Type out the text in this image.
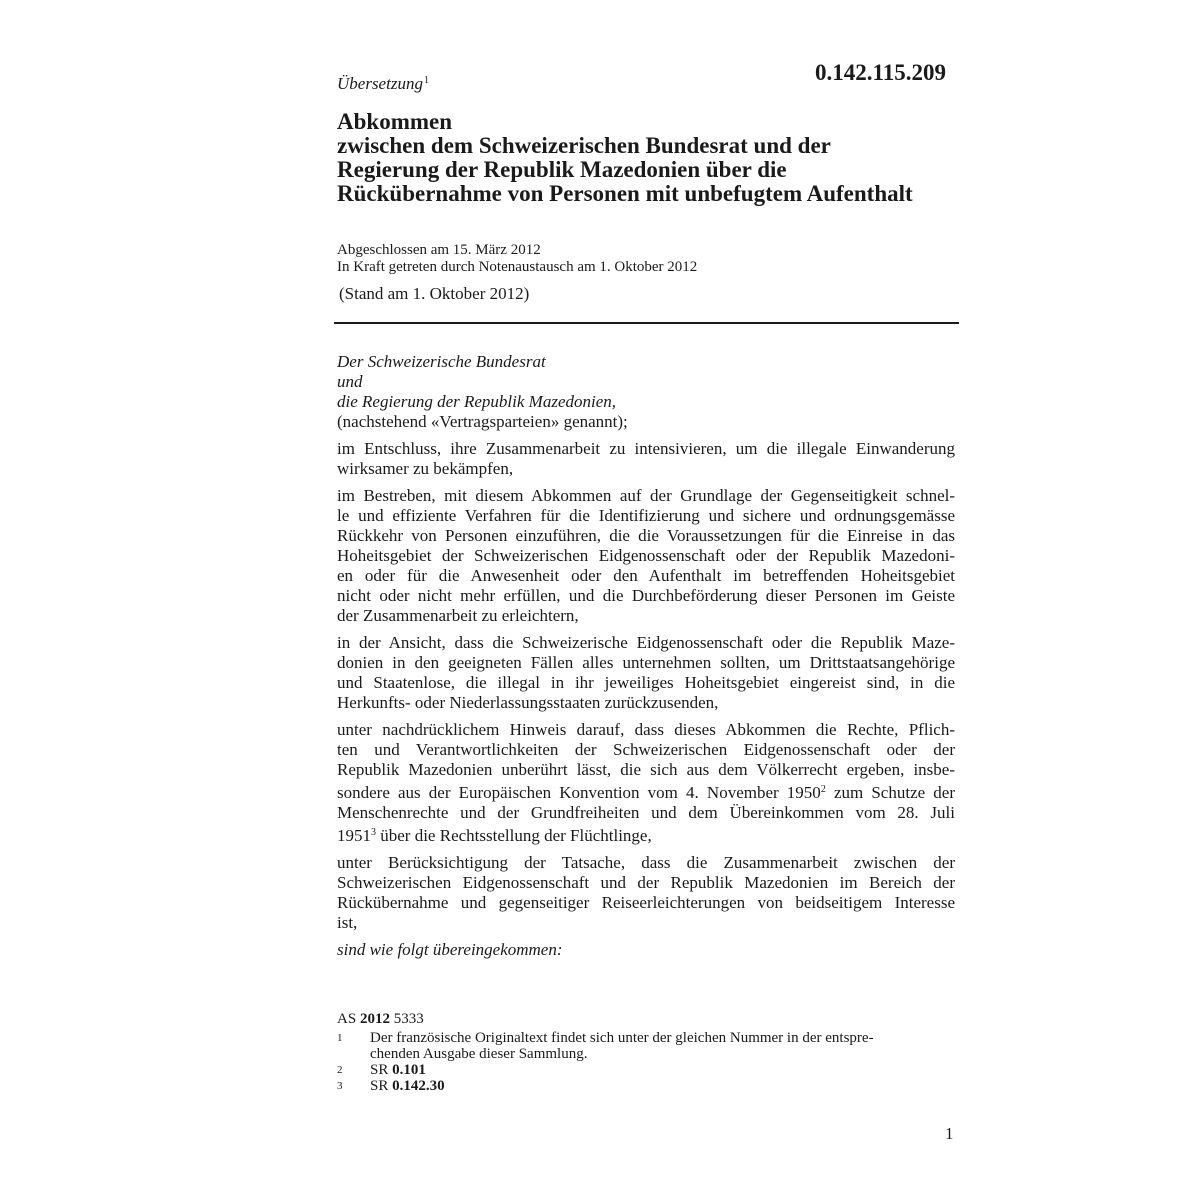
Übersetzung$^1$	0.142.115.209
Abkommen
zwischen dem Schweizerischen Bundesrat und der
Regierung der Republik Mazedonien über die
Rückübernahme von Personen mit unbefugtem Aufenthalt
Abgeschlossen am 15. März 2012
In Kraft getreten durch Notenaustausch am 1. Oktober 2012
(Stand am 1. Oktober 2012)
Der Schweizerische Bundesrat
und
die Regierung der Republik Mazedonien,
(nachstehend «Vertragsparteien» genannt);
im Entschluss, ihre Zusammenarbeit zu intensivieren, um die illegale Einwanderung
wirksamer zu bekämpfen,
im Bestreben, mit diesem Abkommen auf der Grundlage der Gegenseitigkeit schnel-
le und effiziente Verfahren für die Identifizierung und sichere und ordnungsgemässe
Rückkehr von Personen einzuführen, die die Voraussetzungen für die Einreise in das
Hoheitsgebiet der Schweizerischen Eidgenossenschaft oder der Republik Mazedoni-
en oder für die Anwesenheit oder den Aufenthalt im betreffenden Hoheitsgebiet
nicht oder nicht mehr erfüllen, und die Durchbeförderung dieser Personen im Geiste
der Zusammenarbeit zu erleichtern,
in der Ansicht, dass die Schweizerische Eidgenossenschaft oder die Republik Maze-
donien in den geeigneten Fällen alles unternehmen sollten, um Drittstaatsangehörige
und Staatenlose, die illegal in ihr jeweiliges Hoheitsgebiet eingereist sind, in die
Herkunfts- oder Niederlassungsstaaten zurückzusenden,
unter nachdrücklichem Hinweis darauf, dass dieses Abkommen die Rechte, Pflich-
ten und Verantwortlichkeiten der Schweizerischen Eidgenossenschaft oder der
Republik Mazedonien unberührt lässt, die sich aus dem Völkerrecht ergeben, insbe-
sondere aus der Europäischen Konvention vom 4. November 1950$^2$ zum Schutze der
Menschenrechte und der Grundfreiheiten und dem Übereinkommen vom 28. Juli
1951$^3$ über die Rechtsstellung der Flüchtlinge,
unter Berücksichtigung der Tatsache, dass die Zusammenarbeit zwischen der
Schweizerischen Eidgenossenschaft und der Republik Mazedonien im Bereich der
Rückübernahme und gegenseitiger Reiseerleichterungen von beidseitigem Interesse
ist,
sind wie folgt übereingekommen:
AS 2012 5333
1	Der französische Originaltext findet sich unter der gleichen Nummer in der entspre-
chenden Ausgabe dieser Sammlung.
2	SR 0.101
3	SR 0.142.30
1
